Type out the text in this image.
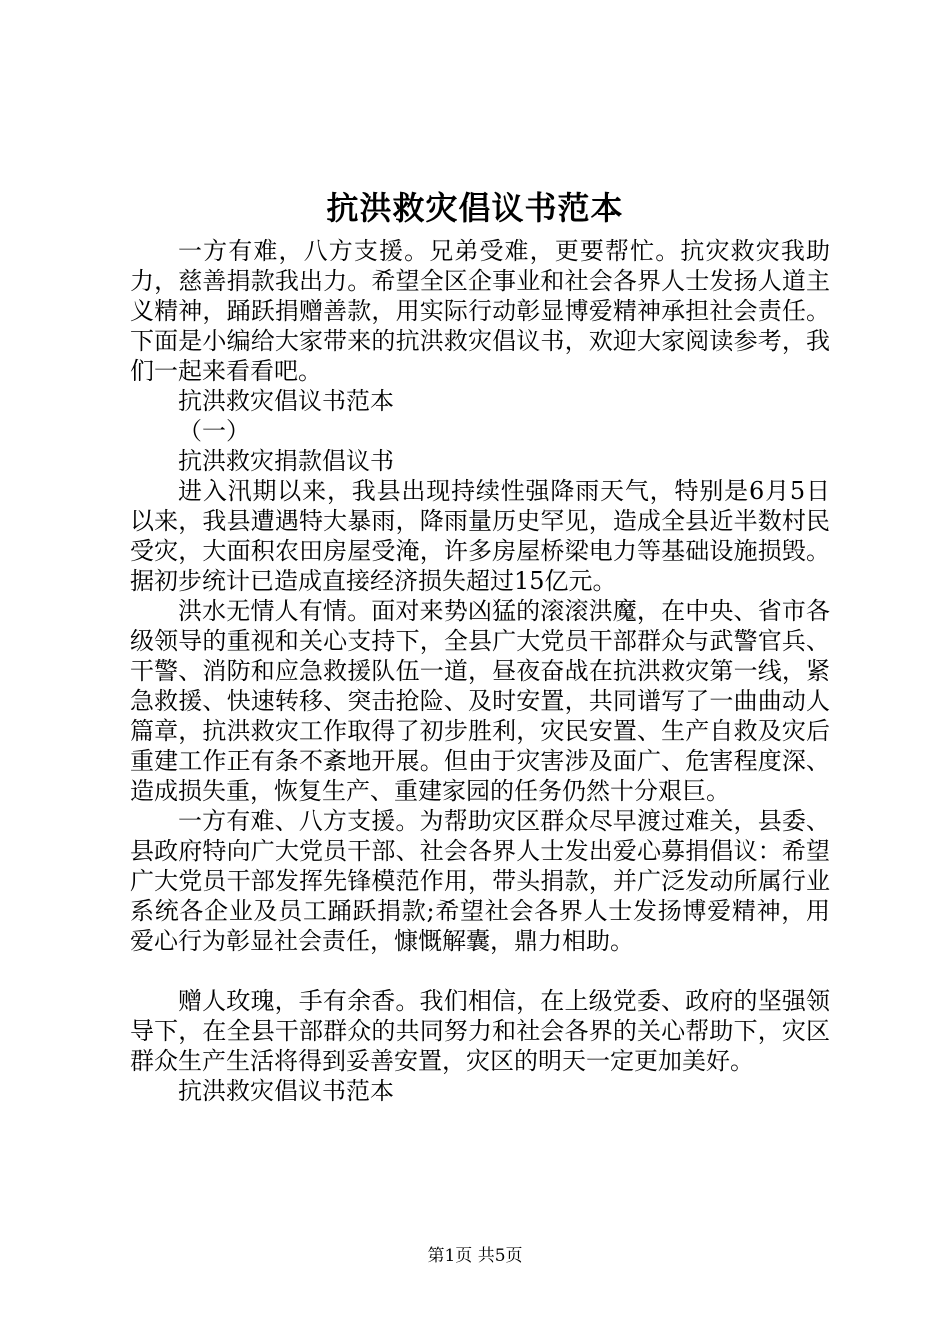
抗洪救灾倡议书范本

一方有难，八方支援。兄弟受难，更要帮忙。抗灾救灾我助力，慈善捐款我出力。希望全区企事业和社会各界人士发扬人道主义精神，踊跃捐赠善款，用实际行动彰显博爱精神承担社会责任。下面是小编给大家带来的抗洪救灾倡议书，欢迎大家阅读参考，我们一起来看看吧。

抗洪救灾倡议书范本

（一）

抗洪救灾捐款倡议书

进入汛期以来，我县出现持续性强降雨天气，特别是6月5日以来，我县遭遇特大暴雨，降雨量历史罕见，造成全县近半数村民受灾，大面积农田房屋受淹，许多房屋桥梁电力等基础设施损毁。据初步统计已造成直接经济损失超过15亿元。

洪水无情人有情。面对来势凶猛的滚滚洪魔，在中央、省市各级领导的重视和关心支持下，全县广大党员干部群众与武警官兵、干警、消防和应急救援队伍一道，昼夜奋战在抗洪救灾第一线，紧急救援、快速转移、突击抢险、及时安置，共同谱写了一曲曲动人篇章，抗洪救灾工作取得了初步胜利，灾民安置、生产自救及灾后重建工作正有条不紊地开展。但由于灾害涉及面广、危害程度深、造成损失重，恢复生产、重建家园的任务仍然十分艰巨。

一方有难、八方支援。为帮助灾区群众尽早渡过难关，县委、县政府特向广大党员干部、社会各界人士发出爱心募捐倡议：希望广大党员干部发挥先锋模范作用，带头捐款，并广泛发动所属行业系统各企业及员工踊跃捐款;希望社会各界人士发扬博爱精神，用爱心行为彰显社会责任，慷慨解囊，鼎力相助。

赠人玫瑰，手有余香。我们相信，在上级党委、政府的坚强领导下，在全县干部群众的共同努力和社会各界的关心帮助下，灾区群众生产生活将得到妥善安置，灾区的明天一定更加美好。

抗洪救灾倡议书范本

第1页 共5页
